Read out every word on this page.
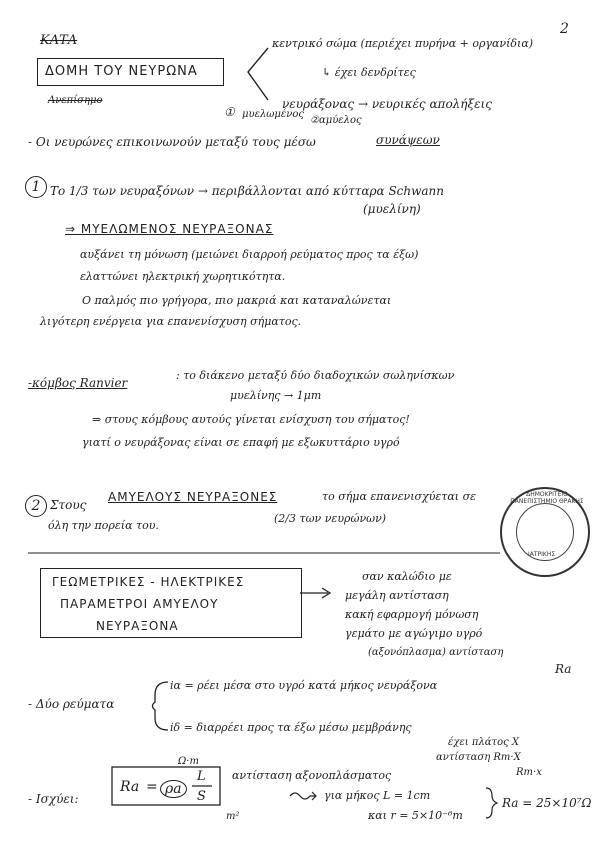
ΚΑΤΑ
2
ΔΟΜΗ ΤΟΥ ΝΕΥΡΩΝΑ
κεντρικό σώμα (περιέχει πυρήνα + οργανίδια)
↳ έχει δενδρίτες
Ανεπίσημο	νευράξονας → νευρικές απολήξεις
① μυελωμένος
②αμύελος
- Οι νευρώνες επικοινωνούν μεταξύ τους μέσω	συνάψεων
1 Το 1/3 των νευραξόνων → περιβάλλονται από κύτταρα Schwann
(μυελίνη)
⇒ ΜΥΕΛΩΜΕΝΟΣ ΝΕΥΡΑΞΟΝΑΣ
αυξάνει τη μόνωση (μειώνει διαρροή ρεύματος προς τα έξω)
ελαττώνει ηλεκτρική χωρητικότητα.
Ο παλμός πιο γρήγορα, πιο μακριά και καταναλώνεται
λιγότερη ενέργεια για επανενίσχυση σήματος.
-κόμβος Ranvier
: το διάκενο μεταξύ δύο διαδοχικών σωληνίσκων
μυελίνης → 1μm
⇒ στους κόμβους αυτούς γίνεται ενίσχυση του σήματος!
γιατί ο νευράξονας είναι σε επαφή με εξωκυττάριο υγρό
2 Στους
ΑΜΥΕΛΟΥΣ ΝΕΥΡΑΞΟΝΕΣ	το σήμα επανενισχύεται σε
όλη την πορεία του.
(2/3 των νευρώνων)
ΔΗΜΟΚΡΙΤΕΙΟ ΠΑΝΕΠΙΣΤΗΜΙΟ ΘΡΑΚΗΣ
ΙΑΤΡΙΚΗΣ
ΓΕΩΜΕΤΡΙΚΕΣ - ΗΛΕΚΤΡΙΚΕΣ
ΠΑΡΑΜΕΤΡΟΙ ΑΜΥΕΛΟΥ
ΝΕΥΡΑΞΟΝΑ
σαν καλώδιο με
μεγάλη αντίσταση
κακή εφαρμογή μόνωση
γεμάτο με αγώγιμο υγρό
(αξονόπλασμα) αντίσταση
Ra
- Δύο ρεύματα
iα = ρέει μέσα στο υγρό κατά μήκος νευράξονα
iδ = διαρρέει προς τα έξω μέσω μεμβράνης
έχει πλάτος X
αντίσταση Rm·X
Rm·x
- Ισχύει:
Ra = ρa
L
S
Ω·m
m²
αντίσταση αξονοπλάσματος
για μήκος L = 1cm
και r = 5×10⁻⁶m
Ra = 25×10⁷Ω
